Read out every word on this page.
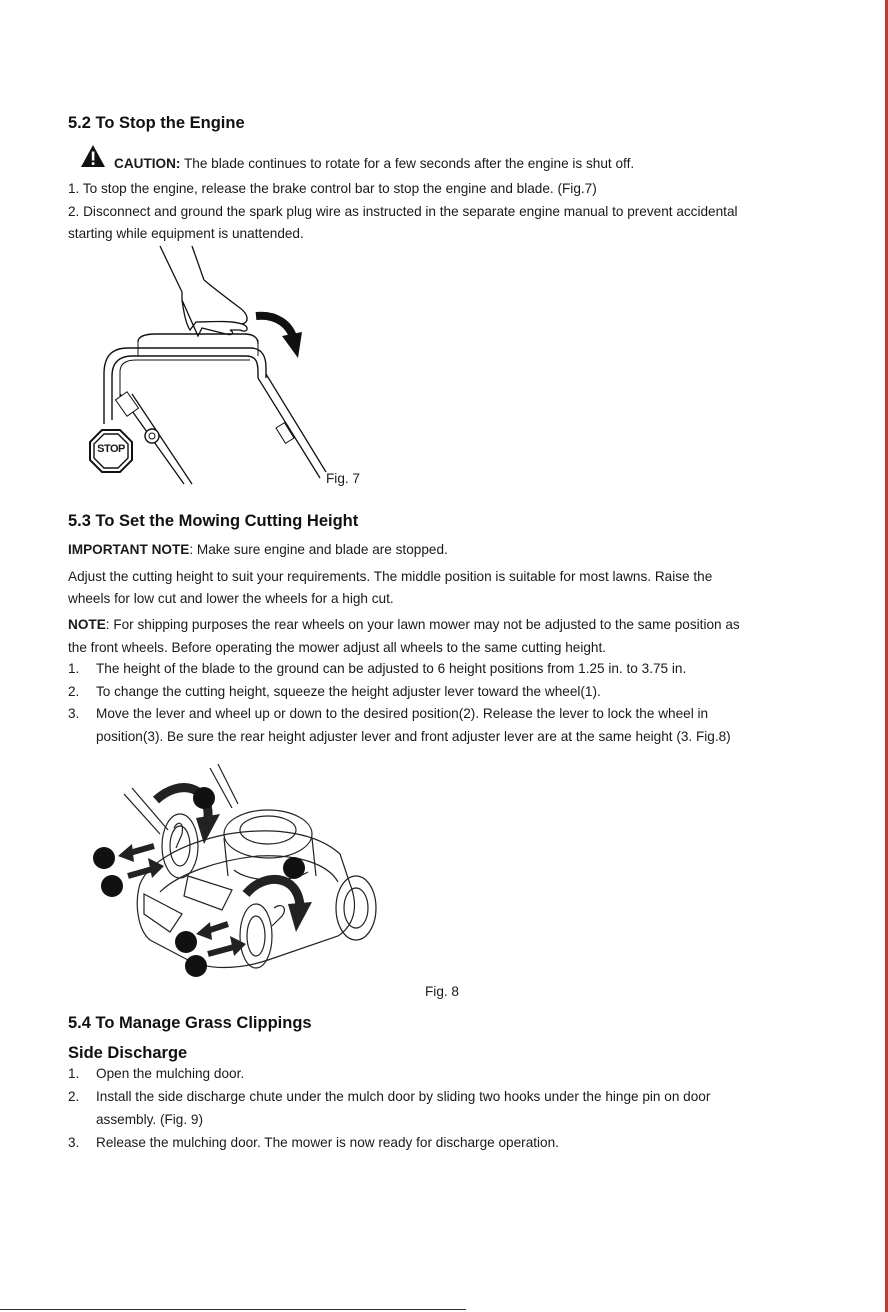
5.2 To Stop the Engine
CAUTION: The blade continues to rotate for a few seconds after the engine is shut off.
1. To stop the engine, release the brake control bar to stop the engine and blade. (Fig.7)
2. Disconnect and ground the spark plug wire as instructed in the separate engine manual to prevent accidental
starting while equipment is unattended.
STOP
Fig. 7
5.3 To Set the Mowing Cutting Height
IMPORTANT NOTE: Make sure engine and blade are stopped.
Adjust the cutting height to suit your requirements. The middle position is suitable for most lawns. Raise the
wheels for low cut and lower the wheels for a high cut.
NOTE: For shipping purposes the rear wheels on your lawn mower may not be adjusted to the same position as
the front wheels. Before operating the mower adjust all wheels to the same cutting height.
1. The height of the blade to the ground can be adjusted to 6 height positions from 1.25 in. to 3.75 in.
2. To change the cutting height, squeeze the height adjuster lever toward the wheel(1).
3. Move the lever and wheel up or down to the desired position(2). Release the lever to lock the wheel in
position(3). Be sure the rear height adjuster lever and front adjuster lever are at the same height (3. Fig.8)
Fig. 8
5.4 To Manage Grass Clippings
Side Discharge
1. Open the mulching door.
2. Install the side discharge chute under the mulch door by sliding two hooks under the hinge pin on door
assembly. (Fig. 9)
3. Release the mulching door. The mower is now ready for discharge operation.
